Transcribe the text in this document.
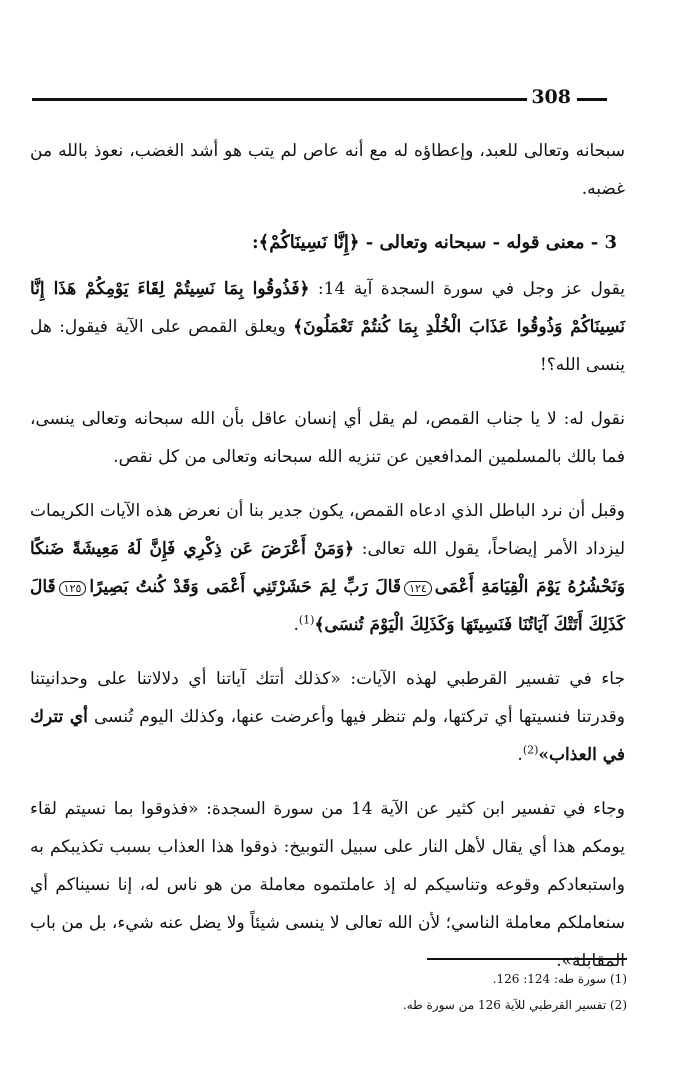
308

سبحانه وتعالى للعبد، وإعطاؤه له مع أنه عاص لم يتب هو أشد الغضب، نعوذ بالله من غضبه.

3 - معنى قوله - سبحانه وتعالى - ﴿إِنَّا نَسِينَاكُمْ﴾:

يقول عز وجل في سورة السجدة آية 14: ﴿فَذُوقُوا بِمَا نَسِيتُمْ لِقَاءَ يَوْمِكُمْ هَذَا إِنَّا نَسِينَاكُمْ وَذُوقُوا عَذَابَ الْخُلْدِ بِمَا كُنتُمْ تَعْمَلُونَ﴾ ويعلق القمص على الآية فيقول: هل ينسى الله؟!

نقول له: لا يا جناب القمص، لم يقل أي إنسان عاقل بأن الله سبحانه وتعالى ينسى، فما بالك بالمسلمين المدافعين عن تنزيه الله سبحانه وتعالى من كل نقص.

وقبل أن نرد الباطل الذي ادعاه القمص، يكون جدير بنا أن نعرض هذه الآيات الكريمات ليزداد الأمر إيضاحاً، يقول الله تعالى: ﴿وَمَنْ أَعْرَضَ عَن ذِكْرِي فَإِنَّ لَهُ مَعِيشَةً ضَنكًا وَنَحْشُرُهُ يَوْمَ الْقِيَامَةِ أَعْمَى١٢٤قَالَ رَبِّ لِمَ حَشَرْتَنِي أَعْمَى وَقَدْ كُنتُ بَصِيرًا١٢٥قَالَ كَذَلِكَ أَتَتْكَ آيَاتُنَا فَنَسِيتَهَا وَكَذَلِكَ الْيَوْمَ تُنسَى﴾$^{(1)}$.

جاء في تفسير القرطبي لهذه الآيات: «كذلك أتتك آياتنا أي دلالاتنا على وحدانيتنا وقدرتنا فنسيتها أي تركتها، ولم تنظر فيها وأعرضت عنها، وكذلك اليوم تُنسى أي تترك في العذاب»$^{(2)}$.

وجاء في تفسير ابن كثير عن الآية 14 من سورة السجدة: «فذوقوا بما نسيتم لقاء يومكم هذا أي يقال لأهل النار على سبيل التوبيخ: ذوقوا هذا العذاب بسبب تكذيبكم به واستبعادكم وقوعه وتناسيكم له إذ عاملتموه معاملة من هو ناس له، إنا نسيناكم أي سنعاملكم معاملة الناسي؛ لأن الله تعالى لا ينسى شيئاً ولا يضل عنه شيء، بل من باب المقابلة».

(1) سورة طه: 124: 126.
(2) تفسير القرطبي للآية 126 من سورة طه.
